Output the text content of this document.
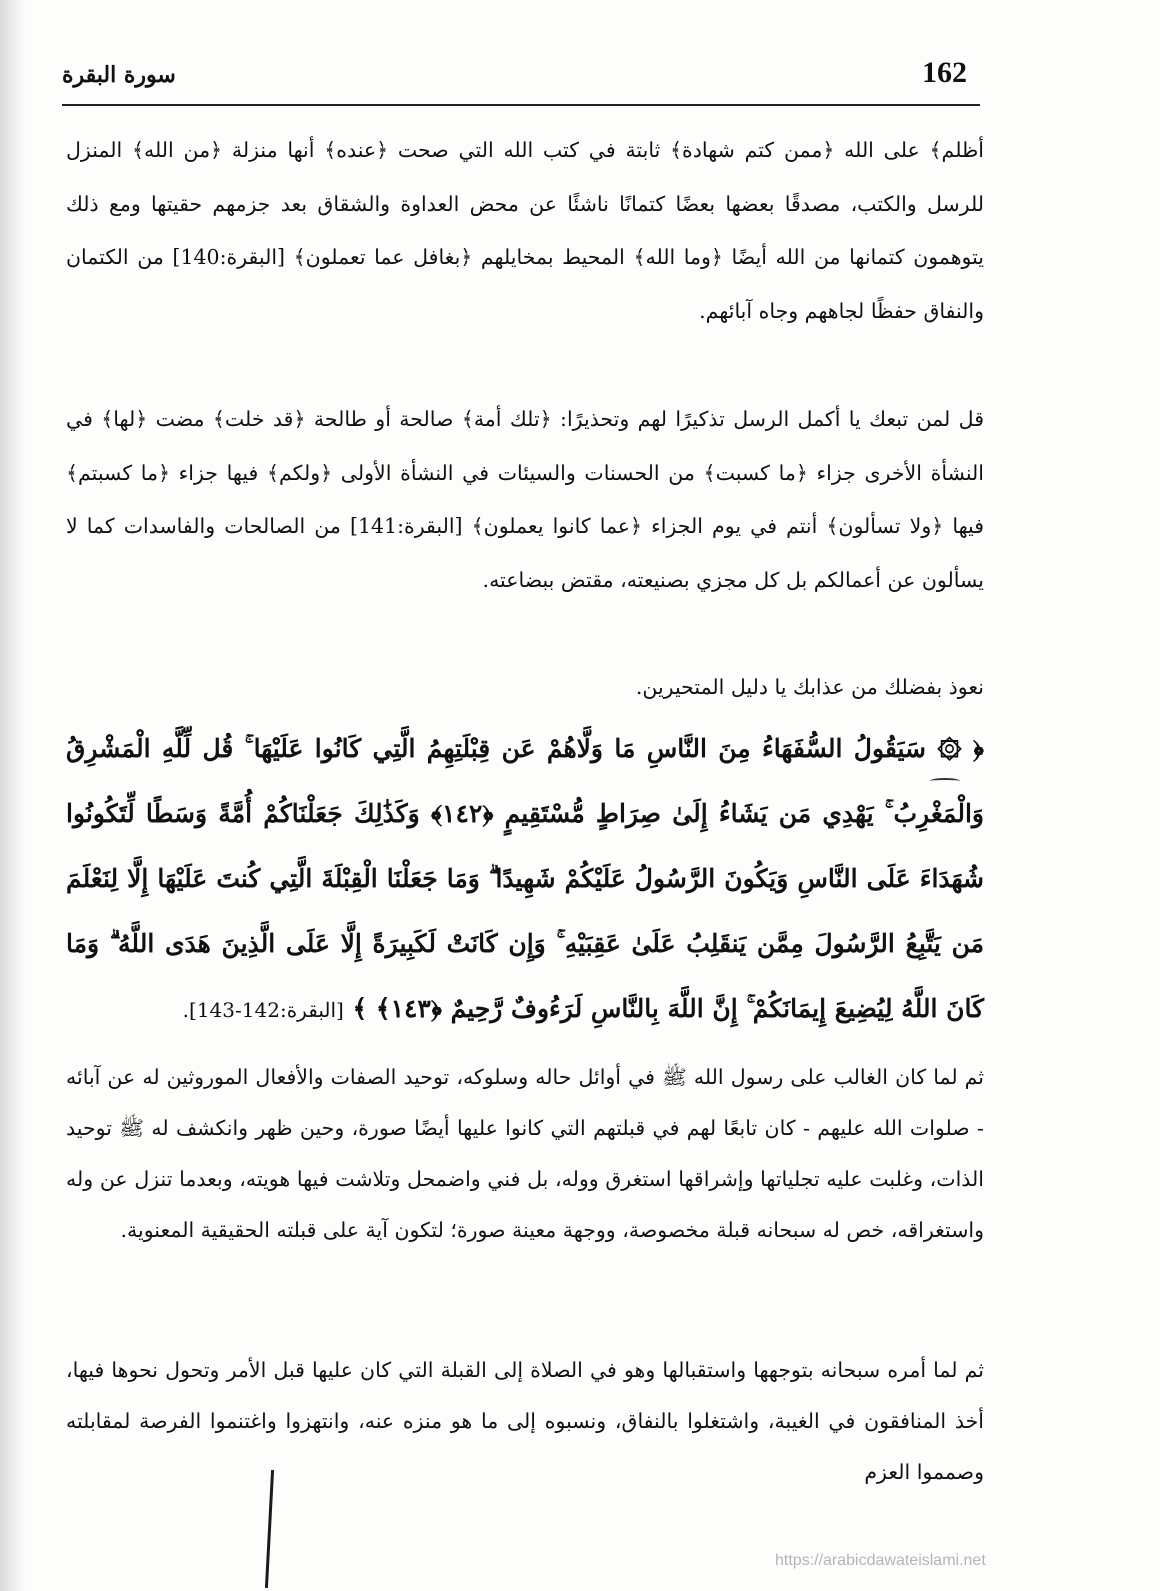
162
سورة البقرة

أظلم﴾ على الله ﴿ممن كتم شهادة﴾ ثابتة في كتب الله التي صحت ﴿عنده﴾ أنها منزلة ﴿من الله﴾ المنزل للرسل والكتب، مصدقًا بعضها بعضًا كتمانًا ناشئًا عن محض العداوة والشقاق بعد جزمهم حقيتها ومع ذلك يتوهمون كتمانها من الله أيضًا ﴿وما الله﴾ المحيط بمخايلهم ﴿بغافل عما تعملون﴾ [البقرة:140] من الكتمان والنفاق حفظًا لجاههم وجاه آبائهم.

قل لمن تبعك يا أكمل الرسل تذكيرًا لهم وتحذيرًا: ﴿تلك أمة﴾ صالحة أو طالحة ﴿قد خلت﴾ مضت ﴿لها﴾ في النشأة الأخرى جزاء ﴿ما كسبت﴾ من الحسنات والسيئات في النشأة الأولى ﴿ولكم﴾ فيها جزاء ﴿ما كسبتم﴾ فيها ﴿ولا تسألون﴾ أنتم في يوم الجزاء ﴿عما كانوا يعملون﴾ [البقرة:141] من الصالحات والفاسدات كما لا يسألون عن أعمالكم بل كل مجزي بصنيعته، مقتض ببضاعته.

نعوذ بفضلك من عذابك يا دليل المتحيرين.

﴿ ۞ سَيَقُولُ السُّفَهَاءُ مِنَ النَّاسِ مَا وَلَّاهُمْ عَن قِبْلَتِهِمُ الَّتِي كَانُوا عَلَيْهَا ۚ قُل لِّلَّهِ الْمَشْرِقُ وَالْمَغْرِبُ ۚ يَهْدِي مَن يَشَاءُ إِلَىٰ صِرَاطٍ مُّسْتَقِيمٍ ﴿١٤٢﴾ وَكَذَٰلِكَ جَعَلْنَاكُمْ أُمَّةً وَسَطًا لِّتَكُونُوا شُهَدَاءَ عَلَى النَّاسِ وَيَكُونَ الرَّسُولُ عَلَيْكُمْ شَهِيدًا ۗ وَمَا جَعَلْنَا الْقِبْلَةَ الَّتِي كُنتَ عَلَيْهَا إِلَّا لِنَعْلَمَ مَن يَتَّبِعُ الرَّسُولَ مِمَّن يَنقَلِبُ عَلَىٰ عَقِبَيْهِ ۚ وَإِن كَانَتْ لَكَبِيرَةً إِلَّا عَلَى الَّذِينَ هَدَى اللَّهُ ۗ وَمَا كَانَ اللَّهُ لِيُضِيعَ إِيمَانَكُمْ ۚ إِنَّ اللَّهَ بِالنَّاسِ لَرَءُوفٌ رَّحِيمٌ ﴿١٤٣﴾ ﴾ [البقرة:142-143].

ثم لما كان الغالب على رسول الله ﷺ في أوائل حاله وسلوكه، توحيد الصفات والأفعال الموروثين له عن آبائه - صلوات الله عليهم - كان تابعًا لهم في قبلتهم التي كانوا عليها أيضًا صورة، وحين ظهر وانكشف له ﷺ توحيد الذات، وغلبت عليه تجلياتها وإشراقها استغرق ووله، بل فني واضمحل وتلاشت فيها هويته، وبعدما تنزل عن وله واستغراقه، خص له سبحانه قبلة مخصوصة، ووجهة معينة صورة؛ لتكون آية على قبلته الحقيقية المعنوية.

ثم لما أمره سبحانه بتوجهها واستقبالها وهو في الصلاة إلى القبلة التي كان عليها قبل الأمر وتحول نحوها فيها، أخذ المنافقون في الغيبة، واشتغلوا بالنفاق، ونسبوه إلى ما هو منزه عنه، وانتهزوا واغتنموا الفرصة لمقابلته وصمموا العزم

https://arabicdawateislami.net
